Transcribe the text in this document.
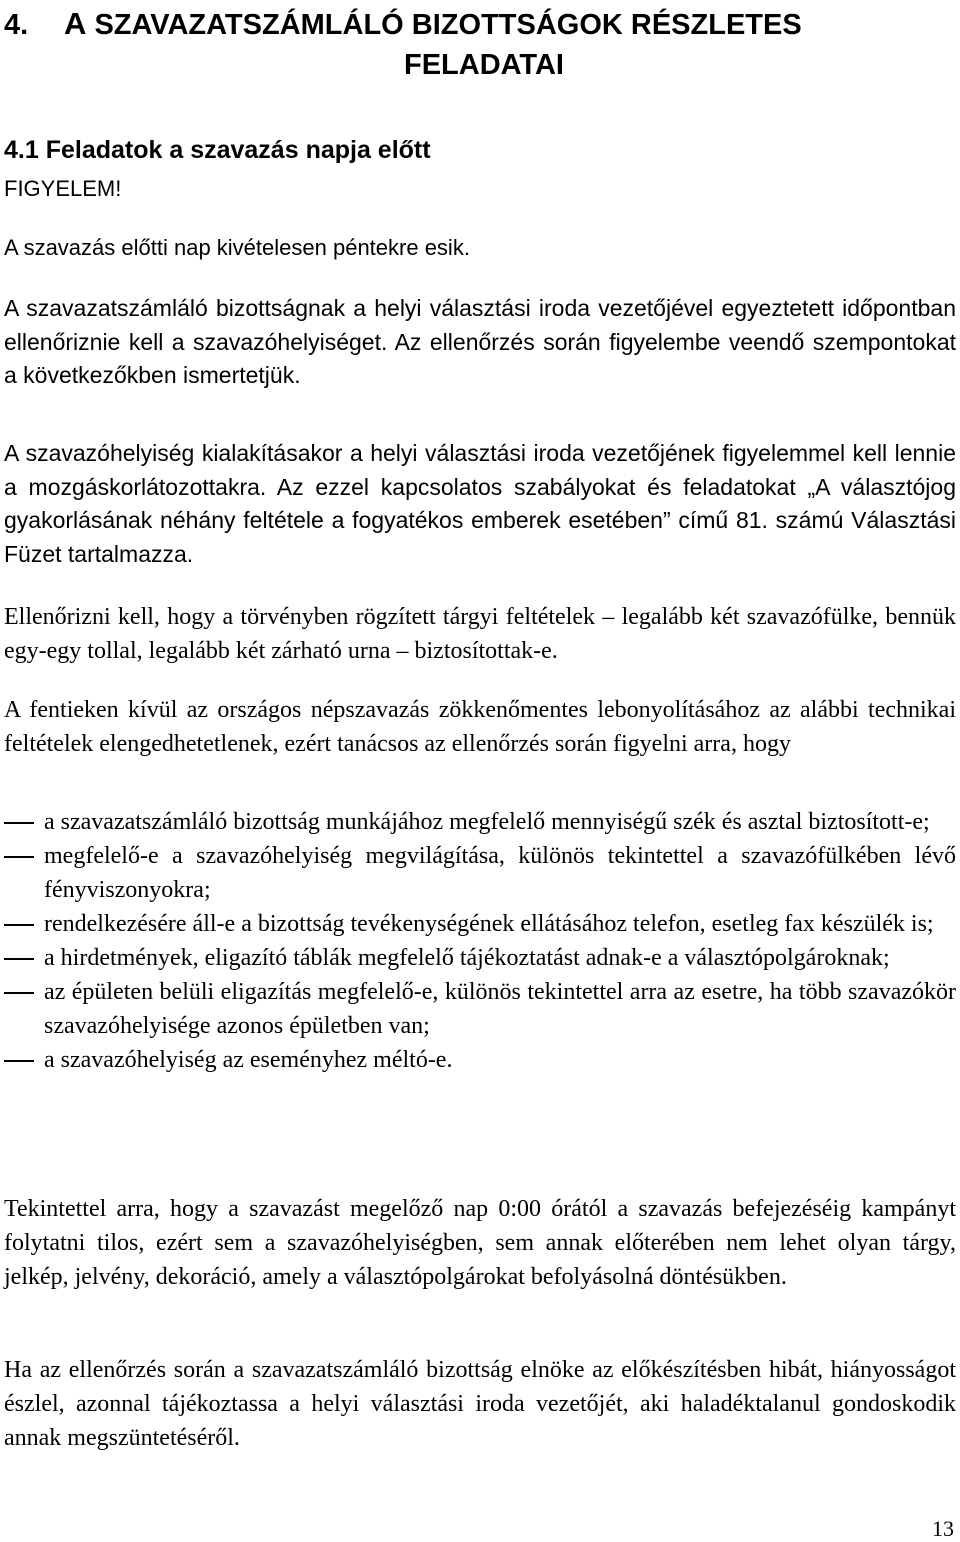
4. A SZAVAZATSZÁMLÁLÓ BIZOTTSÁGOK RÉSZLETES
FELADATAI
4.1 Feladatok a szavazás napja előtt
FIGYELEM!
A szavazás előtti nap kivételesen péntekre esik.

A szavazatszámláló bizottságnak a helyi választási iroda vezetőjével egyeztetett időpontban ellenőriznie kell a szavazóhelyiséget. Az ellenőrzés során figyelembe veendő szempontokat a következőkben ismertetjük.

A szavazóhelyiség kialakításakor a helyi választási iroda vezetőjének figyelemmel kell lennie a mozgáskorlátozottakra. Az ezzel kapcsolatos szabályokat és feladatokat „A választójog gyakorlásának néhány feltétele a fogyatékos emberek esetében” című 81. számú Választási Füzet tartalmazza.

Ellenőrizni kell, hogy a törvényben rögzített tárgyi feltételek – legalább két szavazófülke, bennük egy-egy tollal, legalább két zárható urna – biztosítottak-e.

A fentieken kívül az országos népszavazás zökkenőmentes lebonyolításához az alábbi technikai feltételek elengedhetetlenek, ezért tanácsos az ellenőrzés során figyelni arra, hogy

a szavazatszámláló bizottság munkájához megfelelő mennyiségű szék és asztal biztosított-e;
megfelelő-e a szavazóhelyiség megvilágítása, különös tekintettel a szavazófülkében lévő fényviszonyokra;
rendelkezésére áll-e a bizottság tevékenységének ellátásához telefon, esetleg fax készülék is;
a hirdetmények, eligazító táblák megfelelő tájékoztatást adnak-e a választópolgároknak;
az épületen belüli eligazítás megfelelő-e, különös tekintettel arra az esetre, ha több szavazókör szavazóhelyisége azonos épületben van;
a szavazóhelyiség az eseményhez méltó-e.

Tekintettel arra, hogy a szavazást megelőző nap 0:00 órától a szavazás befejezéséig kampányt folytatni tilos, ezért sem a szavazóhelyiségben, sem annak előterében nem lehet olyan tárgy, jelkép, jelvény, dekoráció, amely a választópolgárokat befolyásolná döntésükben.

Ha az ellenőrzés során a szavazatszámláló bizottság elnöke az előkészítésben hibát, hiányosságot észlel, azonnal tájékoztassa a helyi választási iroda vezetőjét, aki haladéktalanul gondoskodik annak megszüntetéséről.

13
